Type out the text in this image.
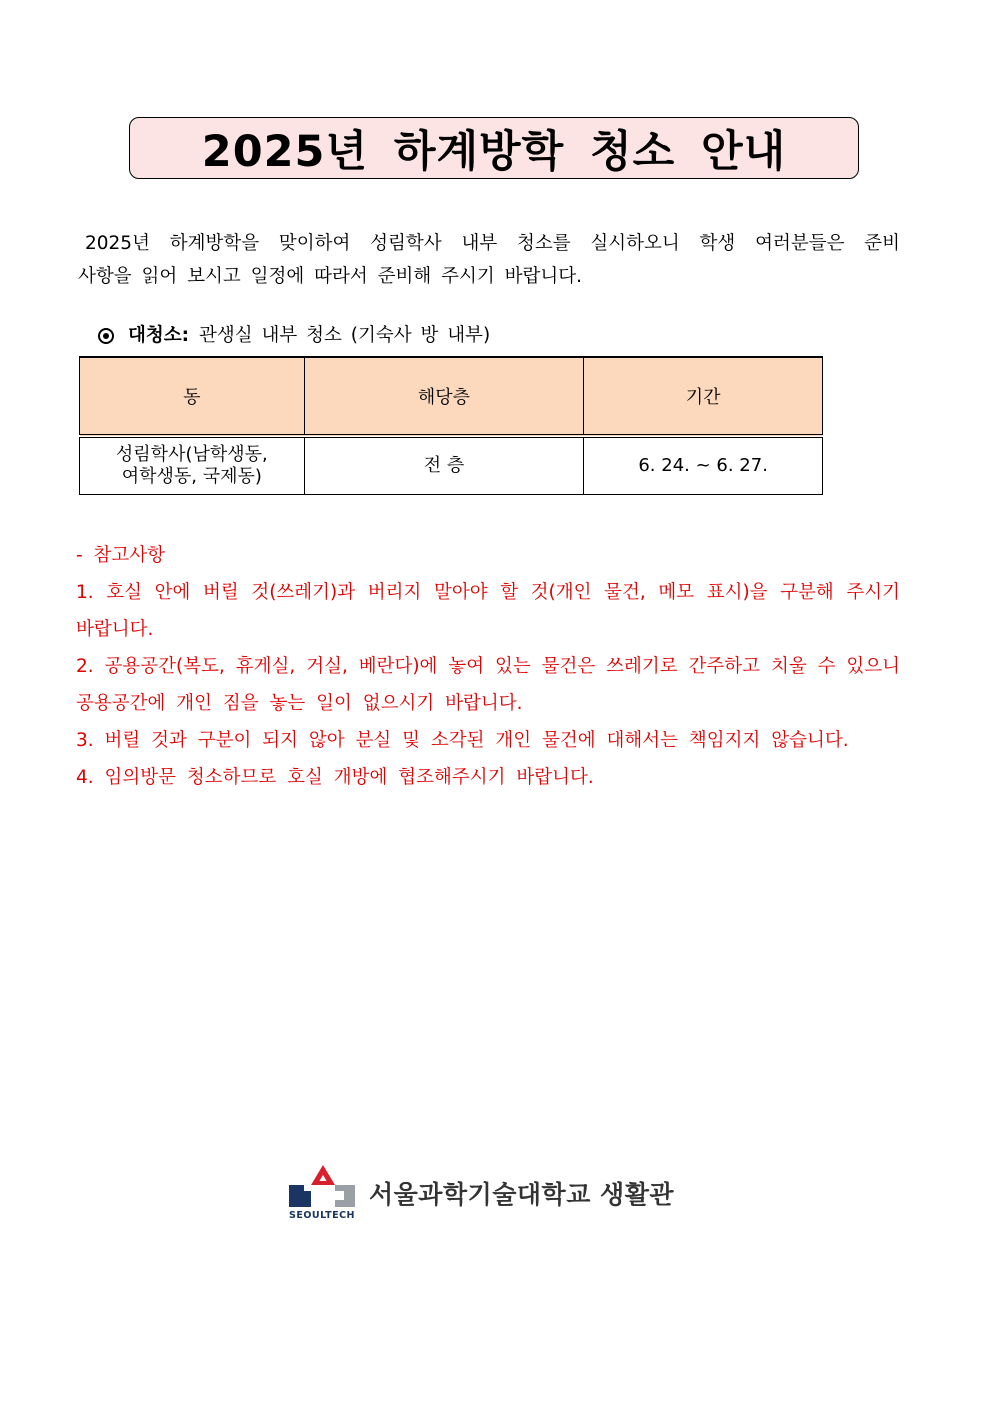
2025년 하계방학 청소 안내
2025년 하계방학을 맞이하여 성림학사 내부 청소를 실시하오니 학생 여러분들은 준비
사항을 읽어 보시고 일정에 따라서 준비해 주시기 바랍니다.
대청소: 관생실 내부 청소 (기숙사 방 내부)
동	해당층	기간

성림학사(남학생동,
여학생동, 국제동)	전 층	6. 24. ~ 6. 27.

- 참고사항

1. 호실 안에 버릴 것(쓰레기)과 버리지 말아야 할 것(개인 물건, 메모 표시)을 구분해 주시기 바랍니다.

2. 공용공간(복도, 휴게실, 거실, 베란다)에 놓여 있는 물건은 쓰레기로 간주하고 치울 수 있으니 공용공간에 개인 짐을 놓는 일이 없으시기 바랍니다.

3. 버릴 것과 구분이 되지 않아 분실 및 소각된 개인 물건에 대해서는 책임지지 않습니다.

4. 임의방문 청소하므로 호실 개방에 협조해주시기 바랍니다.

SEOULTECH
서울과학기술대학교 생활관
